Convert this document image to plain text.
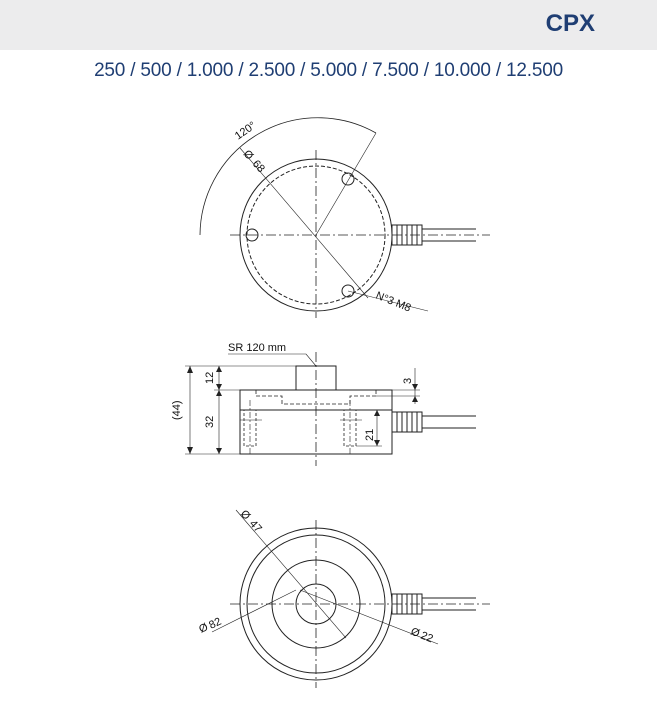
CPX
250 / 500 / 1.000 / 2.500 / 5.000 / 7.500 / 10.000 / 12.500
120°
Ø
68
N°3 M8
SR 120 mm
(44)
12
32
21
3
Ø
47
Ø
82
Ø
22
